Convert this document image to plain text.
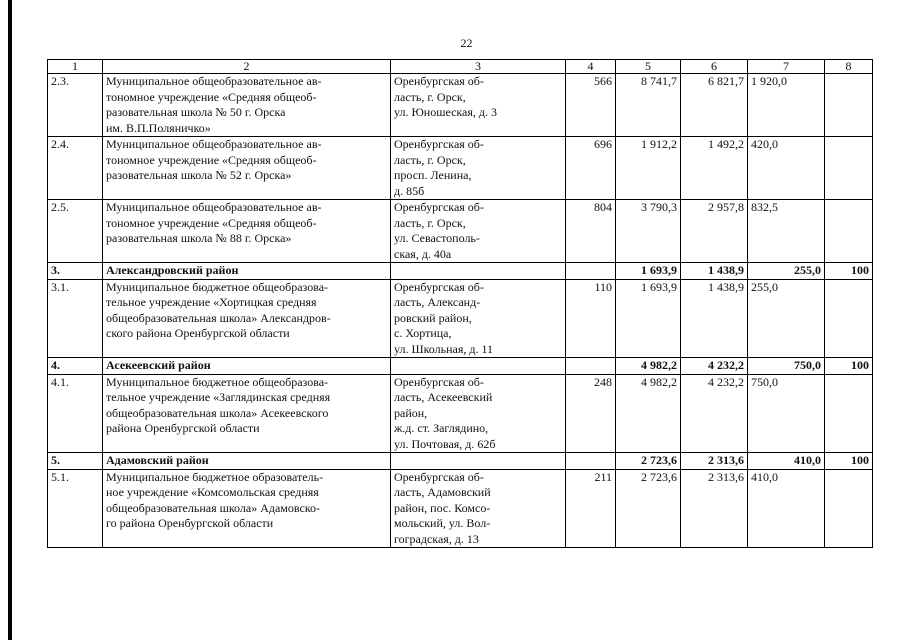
22
1	2	3	4	5	6	7	8
2.3.	Муниципальное общеобразовательное ав-
тономное учреждение «Средняя общеоб-
разовательная школа № 50 г. Орска
им. В.П.Поляничко»	Оренбургская об-
ласть, г. Орск,
ул. Юношеская, д. 3	566	8 741,7	6 821,7	1 920,0	
2.4.	Муниципальное общеобразовательное ав-
тономное учреждение «Средняя общеоб-
разовательная школа № 52 г. Орска»	Оренбургская об-
ласть, г. Орск,
просп. Ленина,
д. 85б	696	1 912,2	1 492,2	420,0	
2.5.	Муниципальное общеобразовательное ав-
тономное учреждение «Средняя общеоб-
разовательная школа № 88 г. Орска»	Оренбургская об-
ласть, г. Орск,
ул. Севастополь-
ская, д. 40а	804	3 790,3	2 957,8	832,5	
3.	Александровский район			1 693,9	1 438,9	255,0	100
3.1.	Муниципальное бюджетное общеобразова-
тельное учреждение «Хортицкая средняя
общеобразовательная школа» Александров-
ского района Оренбургской области	Оренбургская об-
ласть, Александ-
ровский район,
с. Хортица,
ул. Школьная, д. 11	110	1 693,9	1 438,9	255,0	
4.	Асекеевский район			4 982,2	4 232,2	750,0	100
4.1.	Муниципальное бюджетное общеобразова-
тельное учреждение «Заглядинская средняя
общеобразовательная школа» Асекеевского
района Оренбургской области	Оренбургская об-
ласть, Асекеевский
район,
ж.д. ст. Заглядино,
ул. Почтовая, д. 62б	248	4 982,2	4 232,2	750,0	
5.	Адамовский район			2 723,6	2 313,6	410,0	100
5.1.	Муниципальное бюджетное образователь-
ное учреждение «Комсомольская средняя
общеобразовательная школа» Адамовско-
го района Оренбургской области	Оренбургская об-
ласть, Адамовский
район, пос. Комсо-
мольский, ул. Вол-
гоградская, д. 13	211	2 723,6	2 313,6	410,0	
